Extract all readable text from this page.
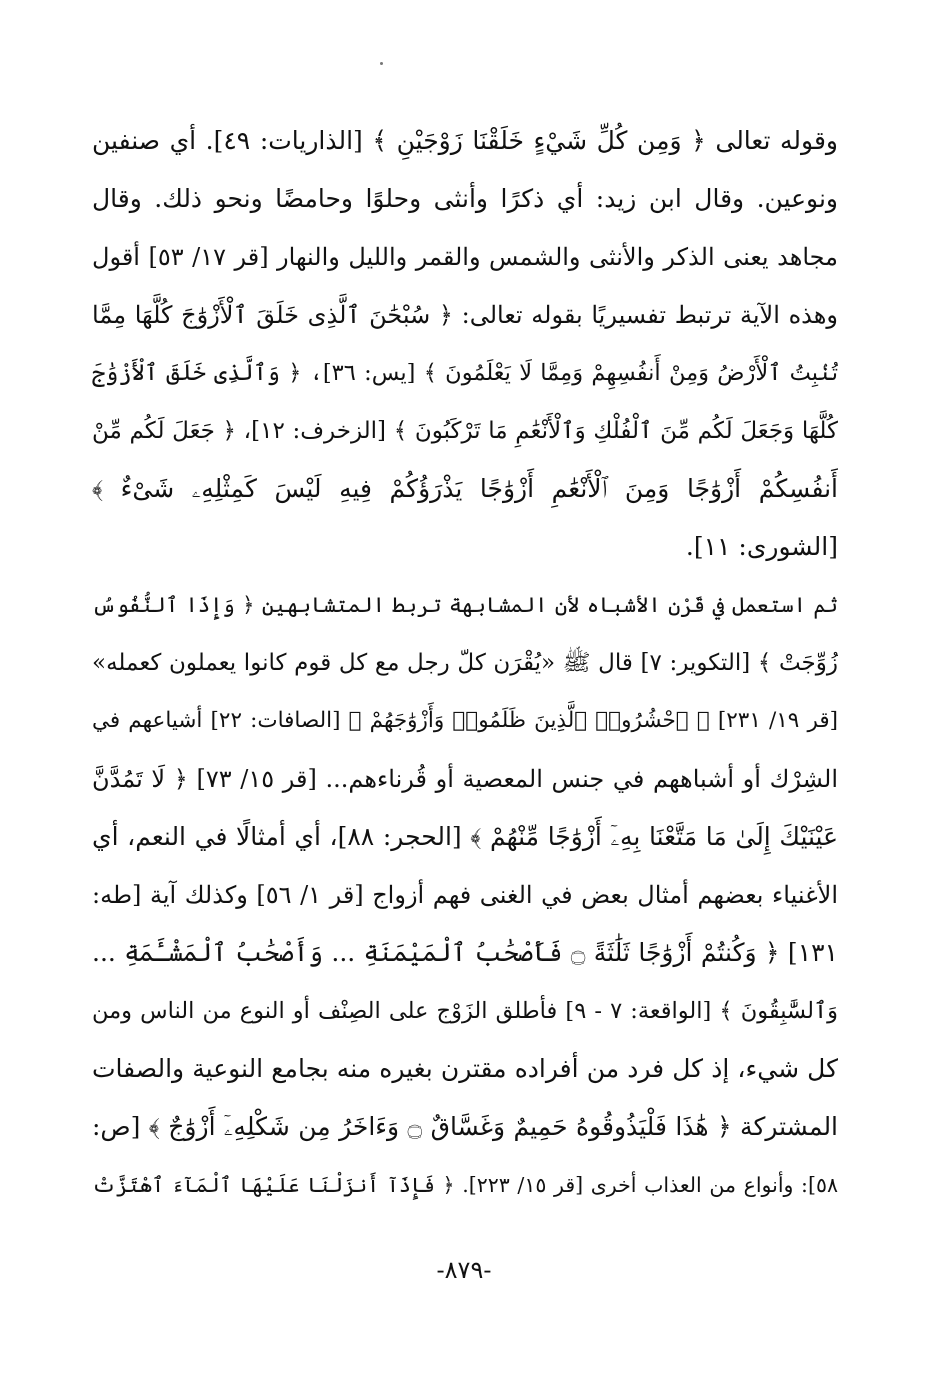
وقوله تعالى ﴿ وَمِن كُلِّ شَيْءٍ خَلَقْنَا زَوْجَيْنِ ﴾ [الذاريات: ٤٩]. أي صنفين
ونوعين. وقال ابن زيد: أي ذكرًا وأنثى وحلوًا وحامضًا ونحو ذلك. وقال
مجاهد يعنى الذكر والأنثى والشمس والقمر والليل والنهار [قر ١٧/ ٥٣] أقول
وهذه الآية ترتبط تفسيريًا بقوله تعالى: ﴿ سُبْحَٰنَ ٱلَّذِى خَلَقَ ٱلْأَزْوَٰجَ كُلَّهَا مِمَّا
تُنۢبِتُ ٱلْأَرْضُ وَمِنْ أَنفُسِهِمْ وَمِمَّا لَا يَعْلَمُونَ ﴾ [يس: ٣٦]، ﴿ وَٱلَّذِى خَلَقَ ٱلْأَزْوَٰجَ
كُلَّهَا وَجَعَلَ لَكُم مِّنَ ٱلْفُلْكِ وَٱلْأَنْعَٰمِ مَا تَرْكَبُونَ ﴾ [الزخرف: ١٢]، ﴿ جَعَلَ لَكُم مِّنْ
أَنفُسِكُمْ أَزْوَٰجًا وَمِنَ ٱلْأَنْعَٰمِ أَزْوَٰجًا يَذْرَؤُكُمْ فِيهِ لَيْسَ كَمِثْلِهِۦ شَىْءٌ ﴾
[الشورى: ١١].
ثم استعمل في قَرْن الأشباه لأن المشابهة تربط المتشابهين ﴿ وَإِذَا ٱلنُّفُوسُ
زُوِّجَتْ ﴾ [التكوير: ٧] قال ﷺ «يُقْرَن كلّ رجل مع كل قوم كانوا يعملون كعمله»
[قر ١٩/ ٢٣١] ﴿ ٱحْشُرُوا۟ ٱلَّذِينَ ظَلَمُوا۟ وَأَزْوَٰجَهُمْ ﴾ [الصافات: ٢٢] أشياعهم في
الشِرْك أو أشباههم في جنس المعصية أو قُرناءهم... [قر ١٥/ ٧٣] ﴿ لَا تَمُدَّنَّ
عَيْنَيْكَ إِلَىٰ مَا مَتَّعْنَا بِهِۦٓ أَزْوَٰجًا مِّنْهُمْ ﴾ [الحجر: ٨٨]، أي أمثالًا في النعم، أي
الأغنياء بعضهم أمثال بعض في الغنى فهم أزواج [قر ١/ ٥٦] وكذلك آية [طه:
١٣١] ﴿ وَكُنتُمْ أَزْوَٰجًا ثَلَٰثَةً ۝ فَأَصْحَٰبُ ٱلْمَيْمَنَةِ ... وَأَصْحَٰبُ ٱلْمَشْـَٔمَةِ ...
وَٱلسَّٰبِقُونَ ﴾ [الواقعة: ٧ - ٩] فأطلق الزَوْج على الصِنْف أو النوع من الناس ومن
كل شيء، إذ كل فرد من أفراده مقترن بغيره منه بجامع النوعية والصفات
المشتركة ﴿ هَٰذَا فَلْيَذُوقُوهُ حَمِيمٌ وَغَسَّاقٌ ۝ وَءَاخَرُ مِن شَكْلِهِۦٓ أَزْوَٰجٌ ﴾ [ص:
٥٨]: وأنواع من العذاب أخرى [قر ١٥/ ٢٢٣]. ﴿ فَإِذَآ أَنزَلْنَا عَلَيْهَا ٱلْمَآءَ ٱهْتَزَّتْ
-٨٧٩-
